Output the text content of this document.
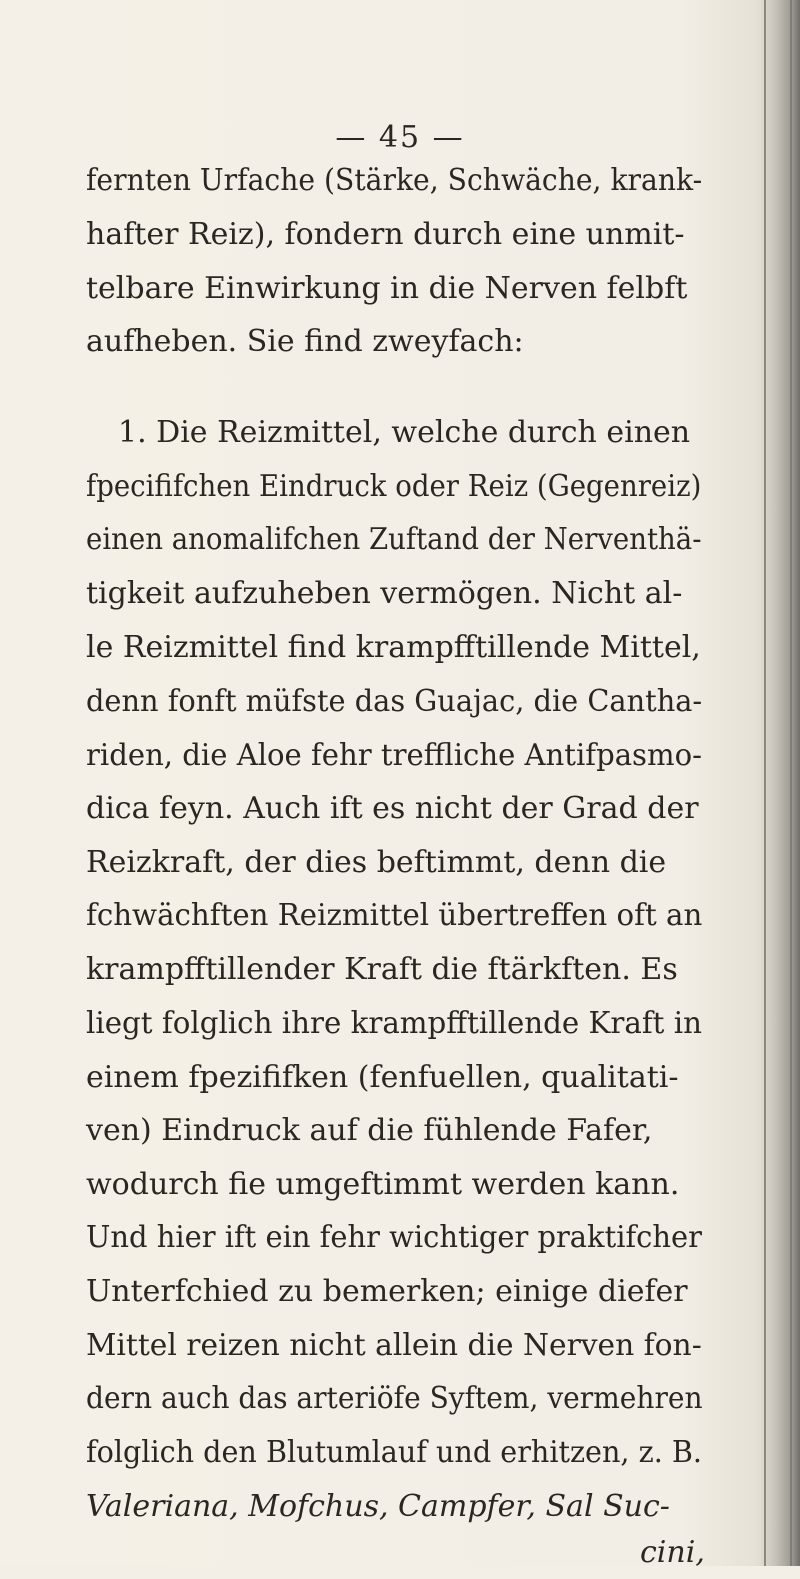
— 45 —
fernten Urfache (Stärke, Schwäche, krank-
hafter Reiz), fondern durch eine unmit-
telbare Einwirkung in die Nerven felbft
aufheben. Sie find zweyfach:
1. Die Reizmittel, welche durch einen
fpecififchen Eindruck oder Reiz (Gegenreiz)
einen anomalifchen Zuftand der Nerventhä-
tigkeit aufzuheben vermögen. Nicht al-
le Reizmittel find krampfftillende Mittel,
denn fonft müfste das Guajac, die Cantha-
riden, die Aloe fehr treffliche Antifpasmo-
dica feyn. Auch ift es nicht der Grad der
Reizkraft, der dies beftimmt, denn die
fchwächften Reizmittel übertreffen oft an
krampfftillender Kraft die ftärkften. Es
liegt folglich ihre krampfftillende Kraft in
einem fpezififken (fenfuellen, qualitati-
ven) Eindruck auf die fühlende Fafer,
wodurch fie umgeftimmt werden kann.
Und hier ift ein fehr wichtiger praktifcher
Unterfchied zu bemerken; einige diefer
Mittel reizen nicht allein die Nerven fon-
dern auch das arteriöfe Syftem, vermehren
folglich den Blutumlauf und erhitzen, z. B.
Valeriana, Mofchus, Campfer, Sal Suc-
cini,
